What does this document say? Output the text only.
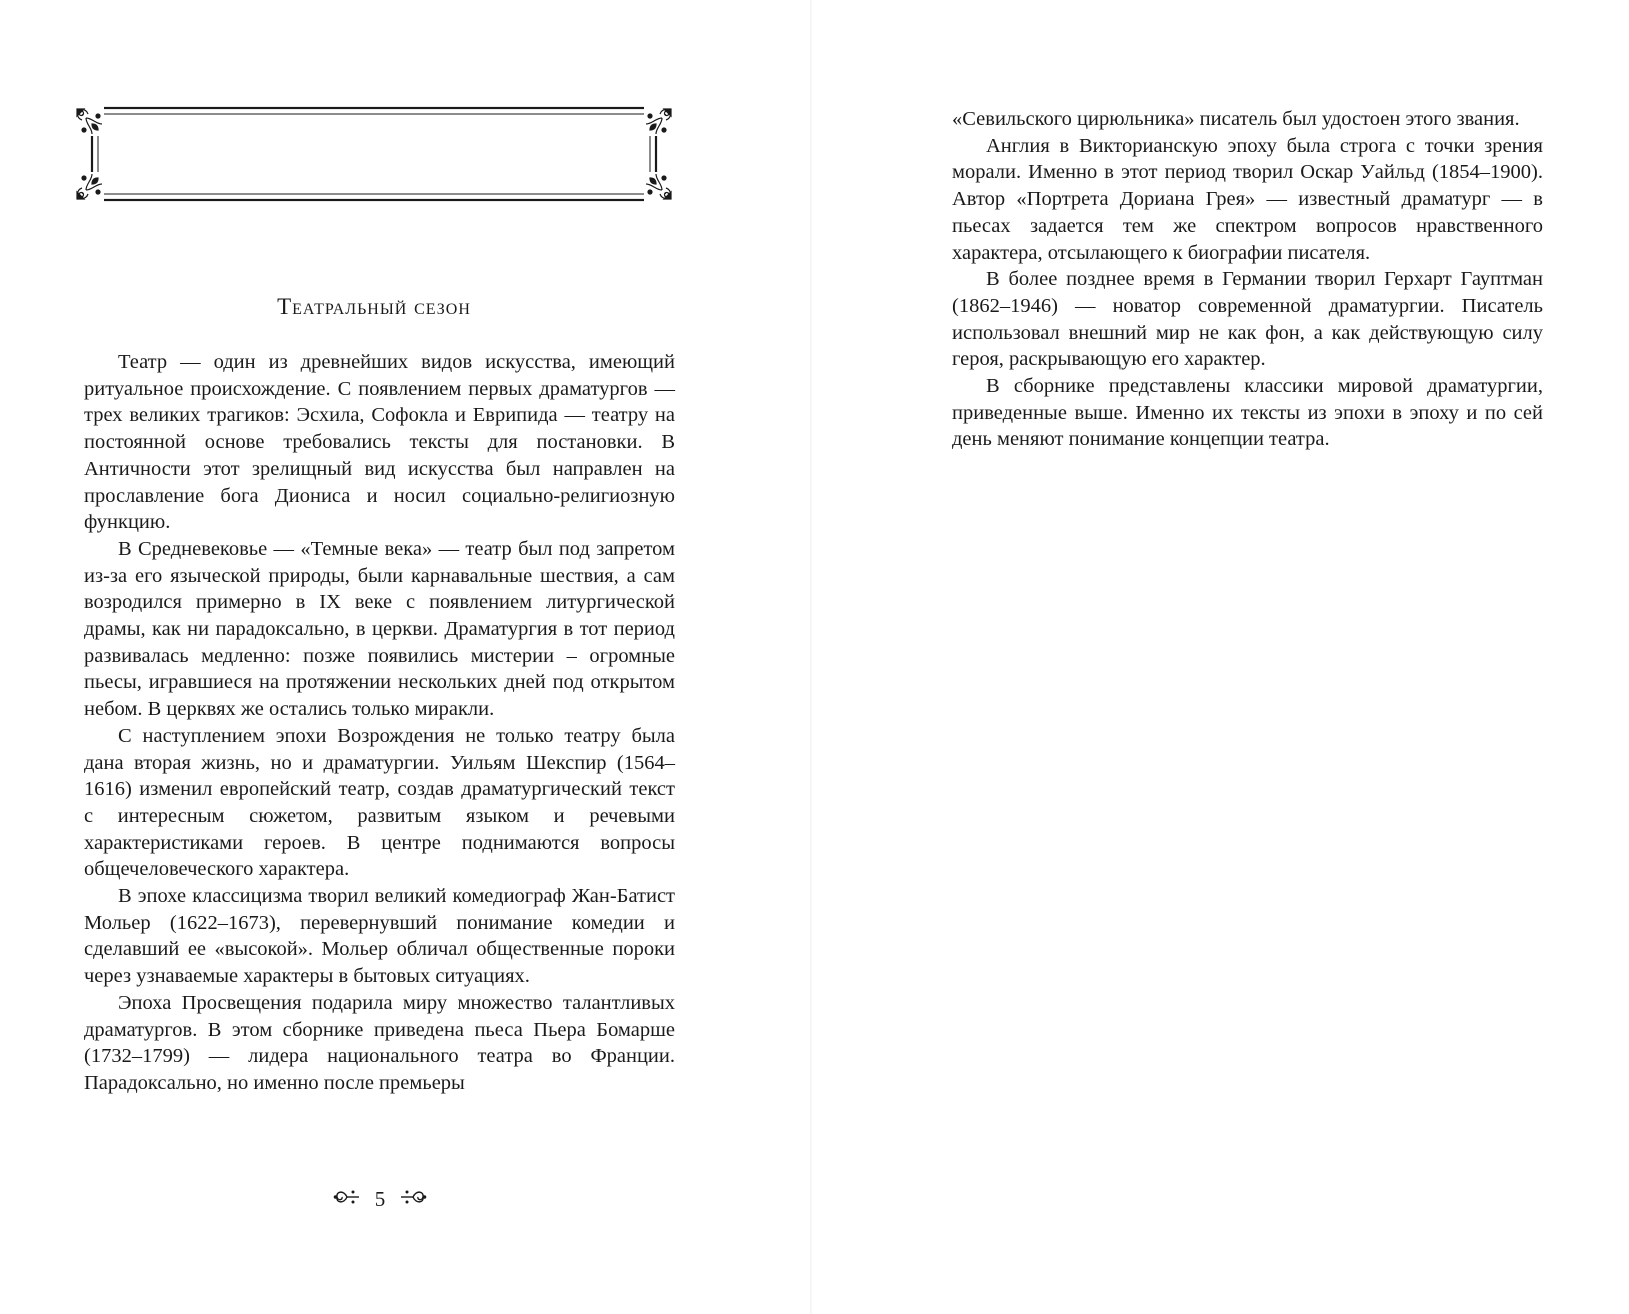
Театральный сезон

Театр — один из древнейших видов искусства, имеющий ритуальное происхождение. С появлением первых драматургов — трех великих трагиков: Эсхила, Софокла и Еврипида — театру на постоянной основе требовались тексты для постановки. В Античности этот зрелищный вид искусства был направлен на прославление бога Диониса и носил социально-религиозную функцию.

В Средневековье — «Темные века» — театр был под запретом из-за его языческой природы, были карнавальные шествия, а сам возродился примерно в IX веке с появлением литургической драмы, как ни парадоксально, в церкви. Драматургия в тот период развивалась медленно: позже появились мистерии – огромные пьесы, игравшиеся на протяжении нескольких дней под открытом небом. В церквях же остались только миракли.

С наступлением эпохи Возрождения не только театру была дана вторая жизнь, но и драматургии. Уильям Шекспир (1564–1616) изменил европейский театр, создав драматургический текст с интересным сюжетом, развитым языком и речевыми характеристиками героев. В центре поднимаются вопросы общечеловеческого характера.

В эпохе классицизма творил великий комедиограф Жан-Батист Мольер (1622–1673), перевернувший понимание комедии и сделавший ее «высокой». Мольер обличал общественные пороки через узнаваемые характеры в бытовых ситуациях.

Эпоха Просвещения подарила миру множество талантливых драматургов. В этом сборнике приведена пьеса Пьера Бомарше (1732–1799) — лидера национального театра во Франции. Парадоксально, но именно после премьеры

5

«Севильского цирюльника» писатель был удостоен этого звания.

Англия в Викторианскую эпоху была строга с точки зрения морали. Именно в этот период творил Оскар Уайльд (1854–1900). Автор «Портрета Дориана Грея» — известный драматург — в пьесах задается тем же спектром вопросов нравственного характера, отсылающего к биографии писателя.

В более позднее время в Германии творил Герхарт Гауптман (1862–1946) — новатор современной драматургии. Писатель использовал внешний мир не как фон, а как действующую силу героя, раскрывающую его характер.

В сборнике представлены классики мировой драматургии, приведенные выше. Именно их тексты из эпохи в эпоху и по сей день меняют понимание концепции театра.
